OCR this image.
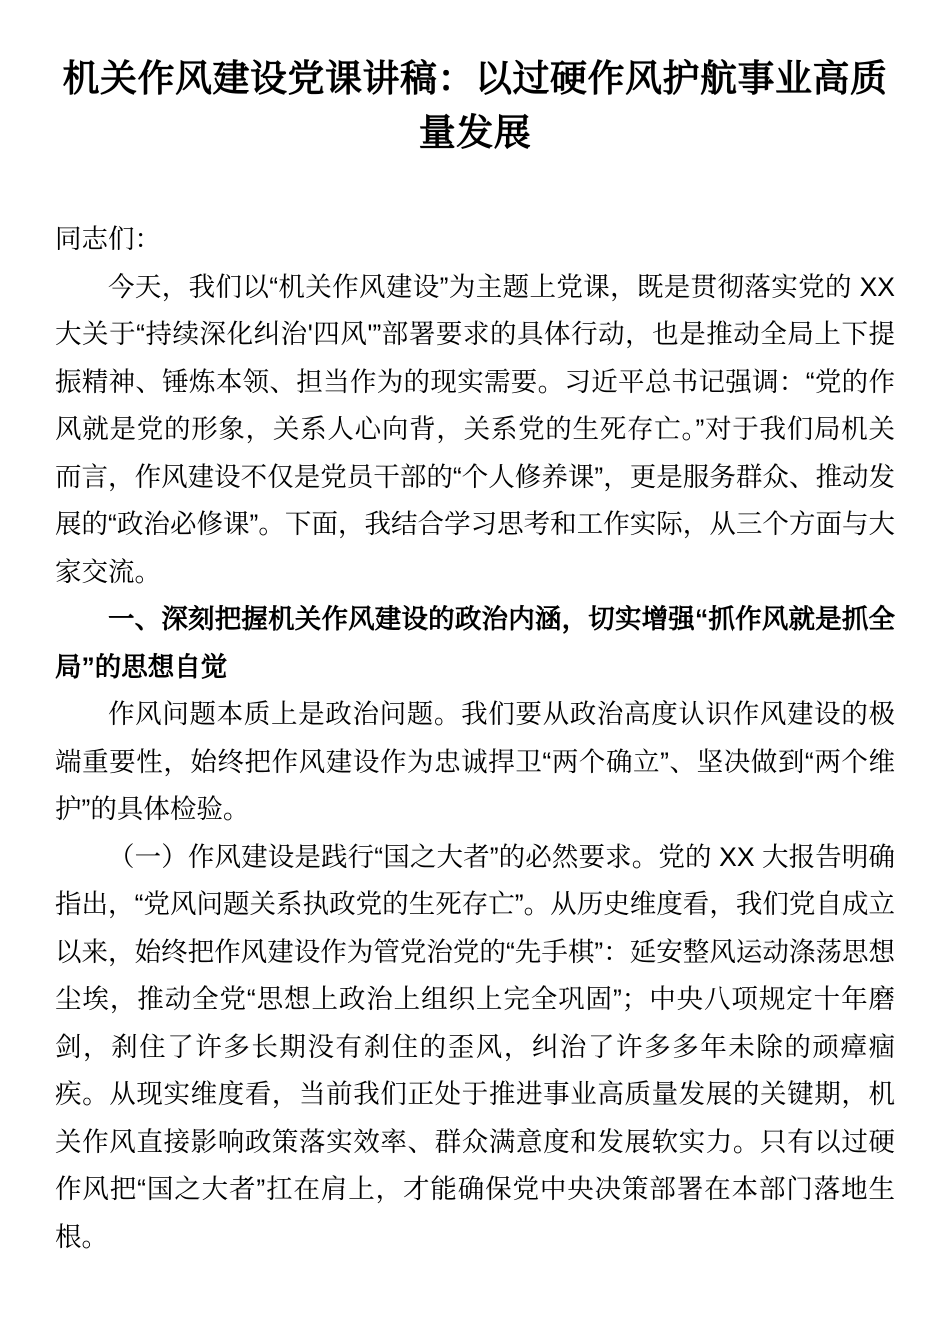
机关作风建设党课讲稿：以过硬作风护航事业高质量发展

同志们：

今天，我们以“机关作风建设”为主题上党课，既是贯彻落实党的 XX 大关于“持续深化纠治'四风'”部署要求的具体行动，也是推动全局上下提振精神、锤炼本领、担当作为的现实需要。习近平总书记强调：“党的作风就是党的形象，关系人心向背，关系党的生死存亡。”对于我们局机关而言，作风建设不仅是党员干部的“个人修养课”，更是服务群众、推动发展的“政治必修课”。下面，我结合学习思考和工作实际，从三个方面与大家交流。

一、深刻把握机关作风建设的政治内涵，切实增强“抓作风就是抓全局”的思想自觉

作风问题本质上是政治问题。我们要从政治高度认识作风建设的极端重要性，始终把作风建设作为忠诚捍卫“两个确立”、坚决做到“两个维护”的具体检验。

（一）作风建设是践行“国之大者”的必然要求。党的 XX 大报告明确指出，“党风问题关系执政党的生死存亡”。从历史维度看，我们党自成立以来，始终把作风建设作为管党治党的“先手棋”：延安整风运动涤荡思想尘埃，推动全党“思想上政治上组织上完全巩固”；中央八项规定十年磨剑，刹住了许多长期没有刹住的歪风，纠治了许多多年未除的顽瘴痼疾。从现实维度看，当前我们正处于推进事业高质量发展的关键期，机关作风直接影响政策落实效率、群众满意度和发展软实力。只有以过硬作风把“国之大者”扛在肩上，才能确保党中央决策部署在本部门落地生根。
